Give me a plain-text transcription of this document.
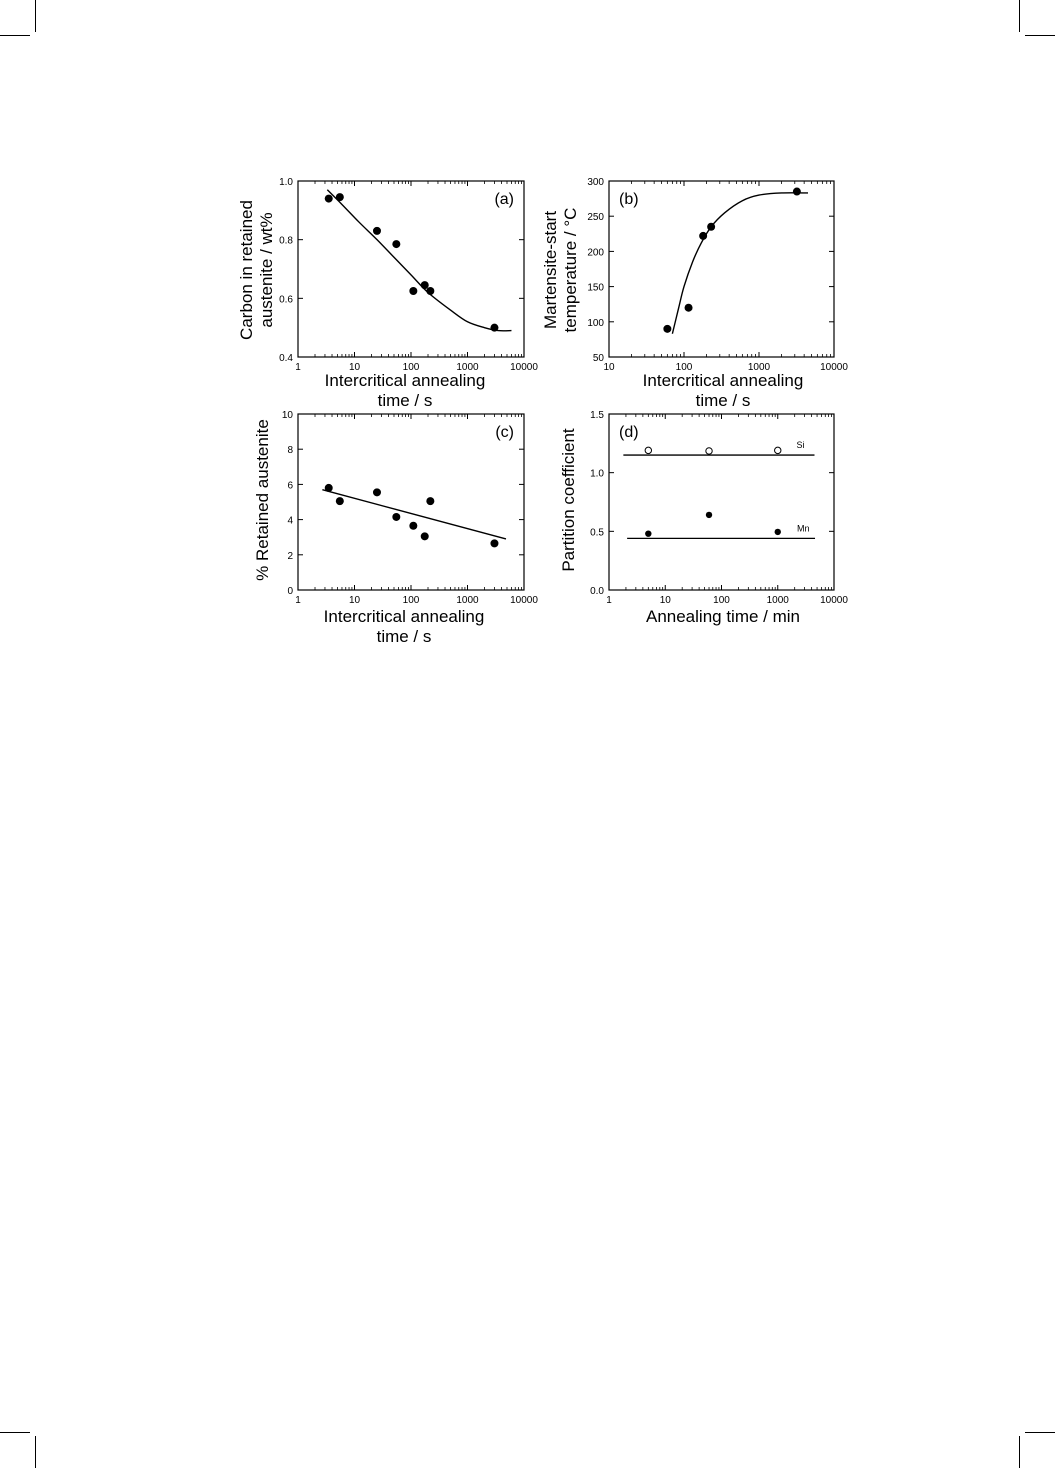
1	10	100	1000	10000
0.4
0.6
0.8
1.0
(a)
Intercritical annealing
time / s
Carbon in retained austenite / wt%
10	100	1000	10000
50
100
150
200
250
300
(b)
Intercritical annealing
time / s
Martensite-start temperature / °C
1	10	100	1000	10000
0
2
4
6
8
10
(c)
Intercritical annealing
time / s
% Retained austenite
1	10	100	1000	10000
0.0
0.5
1.0
1.5
(d)
Annealing time / min
Partition coefficient	Si
Mn
